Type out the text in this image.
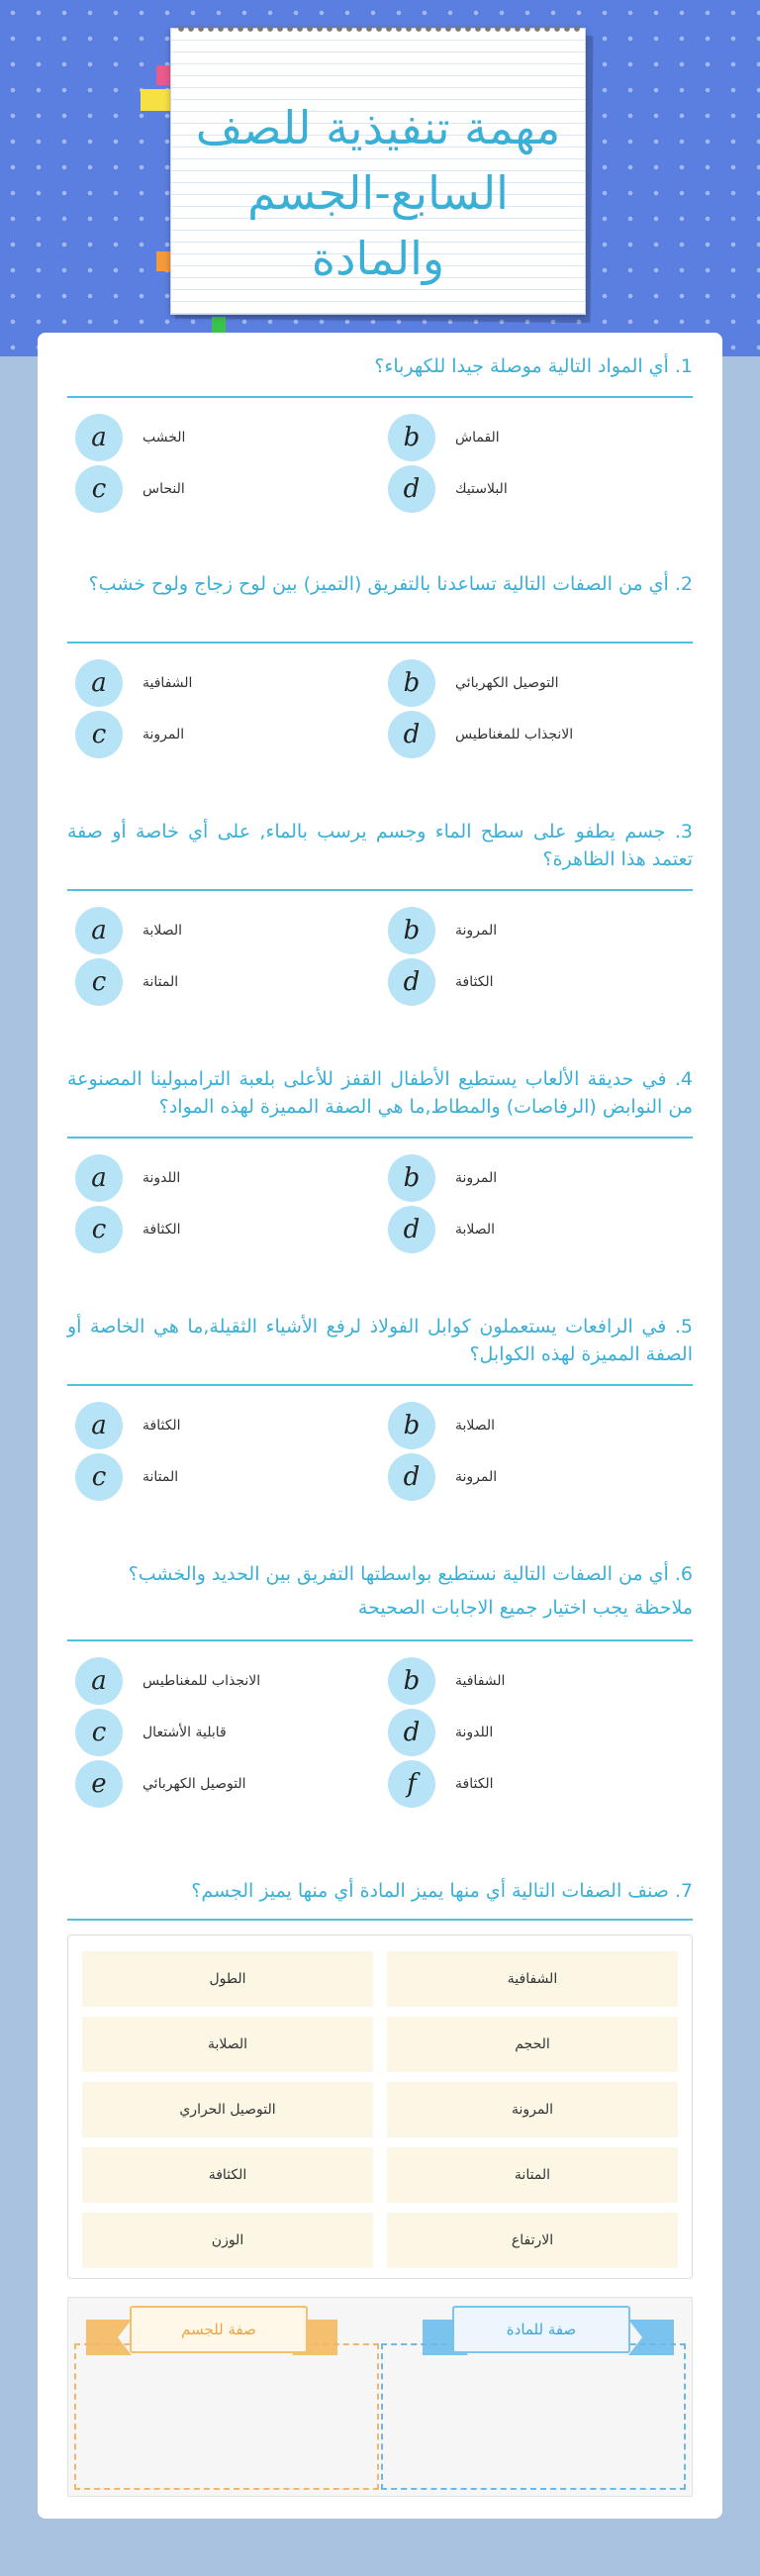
مهمة تنفيذية للصف السابع-الجسم والمادة
1. أي المواد التالية موصلة جيدا للكهرباء؟
a	الخشب	b	القماش
c	النحاس	d	البلاستيك
2. أي من الصفات التالية تساعدنا بالتفريق (التميز) بين لوح زجاج ولوح خشب؟
a	الشفافية	b	التوصيل الكهربائي
c	المرونة	d	الانجذاب للمغناطيس
3. جسم يطفو على سطح الماء وجسم يرسب بالماء, على أي خاصة أو صفة تعتمد هذا الظاهرة؟
a	الصلابة	b	المرونة
c	المتانة	d	الكثافة
4. في حديقة الألعاب يستطيع الأطفال القفز للأعلى بلعبة الترامبولينا المصنوعة من النوابض (الرفاصات) والمطاط,ما هي الصفة المميزة لهذه المواد؟
a	اللدونة	b	المرونة
c	الكثافة	d	الصلابة
5. في الرافعات يستعملون كوابل الفولاذ لرفع الأشياء الثقيلة,ما هي الخاصة أو الصفة المميزة لهذه الكوابل؟
a	الكثافة	b	الصلابة
c	المتانة	d	المرونة
6. أي من الصفات التالية نستطيع بواسطتها التفريق بين الحديد والخشب؟
ملاحظة يجب اختيار جميع الاجابات الصحيحة
a	الانجذاب للمغناطيس	b	الشفافية
c	قابلية الأشتعال	d	اللدونة
e	التوصيل الكهربائي	f	الكثافة
7. صنف الصفات التالية أي منها يميز المادة أي منها يميز الجسم؟
الشفافية
الطول
الحجم
الصلابة
المرونة
التوصيل الحراري
المتانة
الكثافة
الارتفاع
الوزن
صفة للمادة
صفة للجسم
